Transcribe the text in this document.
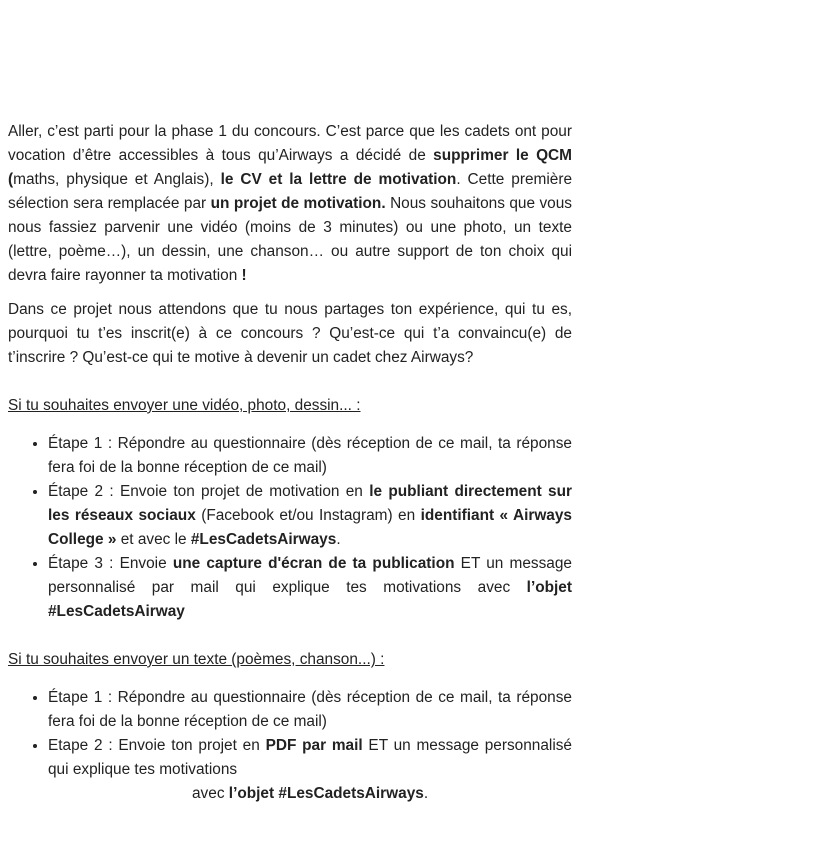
Aller, c’est parti pour la phase 1 du concours. C’est parce que les cadets ont pour vocation d’être accessibles à tous qu’Airways a décidé de supprimer le QCM (maths, physique et Anglais), le CV et la lettre de motivation. Cette première sélection sera remplacée par un projet de motivation. Nous souhaitons que vous nous fassiez parvenir une vidéo (moins de 3 minutes) ou une photo, un texte (lettre, poème…), un dessin, une chanson… ou autre support de ton choix qui devra faire rayonner ta motivation !

Dans ce projet nous attendons que tu nous partages ton expérience, qui tu es, pourquoi tu t’es inscrit(e) à ce concours ? Qu’est-ce qui t’a convaincu(e) de t’inscrire ? Qu’est-ce qui te motive à devenir un cadet chez Airways?

Si tu souhaites envoyer une vidéo, photo, dessin... :

• Étape 1 : Répondre au questionnaire (dès réception de ce mail, ta réponse fera foi de la bonne réception de ce mail)
• Étape 2 : Envoie ton projet de motivation en le publiant directement sur les réseaux sociaux (Facebook et/ou Instagram) en identifiant « Airways College » et avec le #LesCadetsAirways.
• Étape 3 : Envoie une capture d'écran de ta publication ET un message personnalisé par mail qui explique tes motivations avec l’objet #LesCadetsAirway

Si tu souhaites envoyer un texte (poèmes, chanson...) :

• Étape 1 : Répondre au questionnaire (dès réception de ce mail, ta réponse fera foi de la bonne réception de ce mail)
• Etape 2 : Envoie ton projet en PDF par mail ET un message personnalisé qui explique tes motivations
avec l’objet #LesCadetsAirways.
